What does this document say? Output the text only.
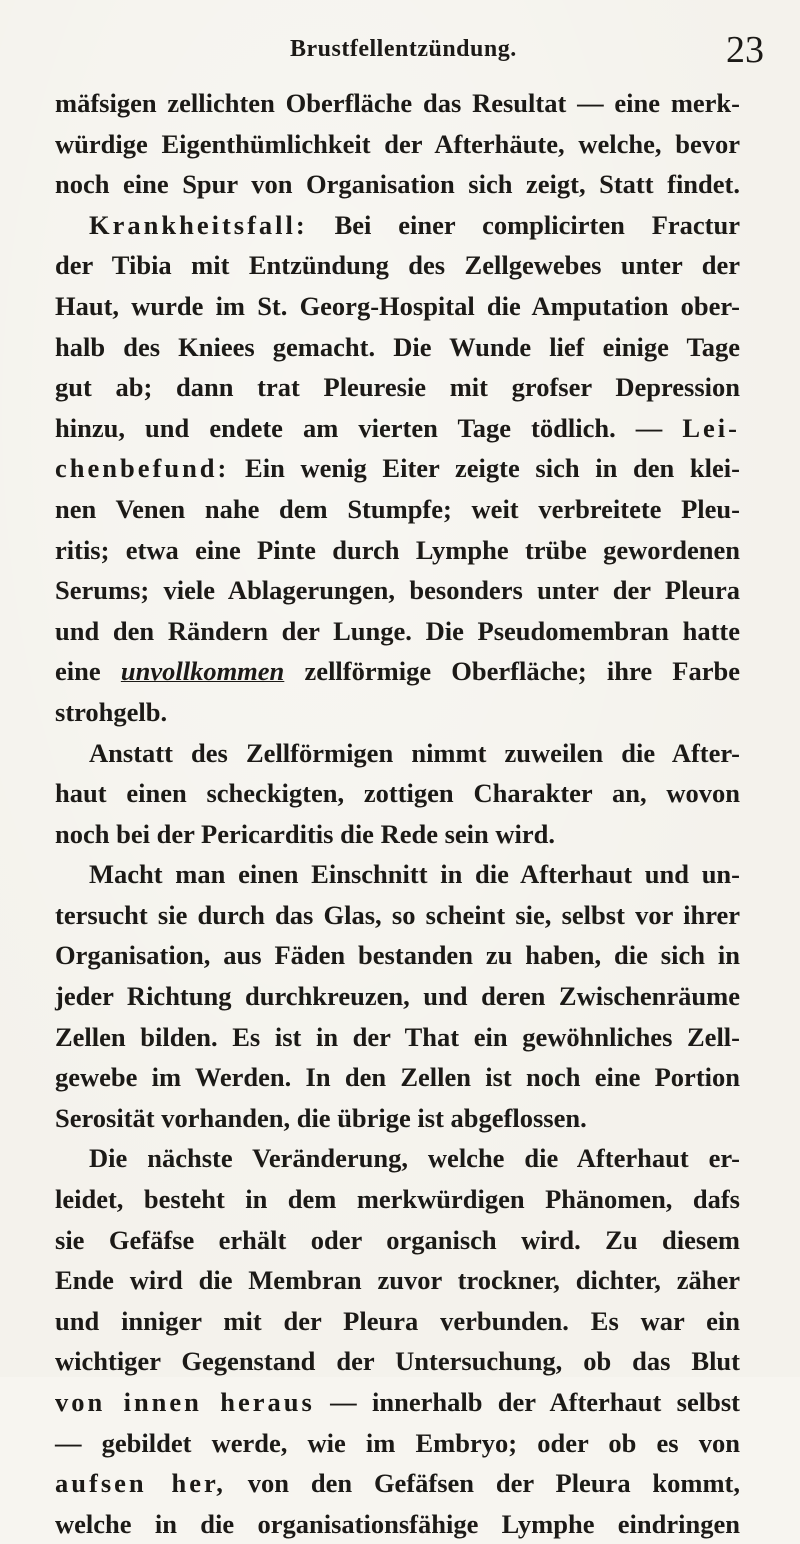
Brustfellentzündung.	23
mäfsigen zellichten Oberfläche das Resultat — eine merk-
würdige Eigenthümlichkeit der Afterhäute, welche, bevor
noch eine Spur von Organisation sich zeigt, Statt findet.
Krankheitsfall: Bei einer complicirten Fractur
der Tibia mit Entzündung des Zellgewebes unter der
Haut, wurde im St. Georg-Hospital die Amputation ober-
halb des Kniees gemacht. Die Wunde lief einige Tage
gut ab; dann trat Pleuresie mit grofser Depression
hinzu, und endete am vierten Tage tödlich. — Lei-
chenbefund: Ein wenig Eiter zeigte sich in den klei-
nen Venen nahe dem Stumpfe; weit verbreitete Pleu-
ritis; etwa eine Pinte durch Lymphe trübe gewordenen
Serums; viele Ablagerungen, besonders unter der Pleura
und den Rändern der Lunge. Die Pseudomembran hatte
eine unvollkommen zellförmige Oberfläche; ihre Farbe
strohgelb.
Anstatt des Zellförmigen nimmt zuweilen die After-
haut einen scheckigten, zottigen Charakter an, wovon
noch bei der Pericarditis die Rede sein wird.
Macht man einen Einschnitt in die Afterhaut und un-
tersucht sie durch das Glas, so scheint sie, selbst vor ihrer
Organisation, aus Fäden bestanden zu haben, die sich in
jeder Richtung durchkreuzen, und deren Zwischenräume
Zellen bilden. Es ist in der That ein gewöhnliches Zell-
gewebe im Werden. In den Zellen ist noch eine Portion
Serosität vorhanden, die übrige ist abgeflossen.
Die nächste Veränderung, welche die Afterhaut er-
leidet, besteht in dem merkwürdigen Phänomen, dafs
sie Gefäfse erhält oder organisch wird. Zu diesem
Ende wird die Membran zuvor trockner, dichter, zäher
und inniger mit der Pleura verbunden. Es war ein
wichtiger Gegenstand der Untersuchung, ob das Blut
von innen heraus — innerhalb der Afterhaut selbst
— gebildet werde, wie im Embryo; oder ob es von
aufsen her, von den Gefäfsen der Pleura kommt,
welche in die organisationsfähige Lymphe eindringen
